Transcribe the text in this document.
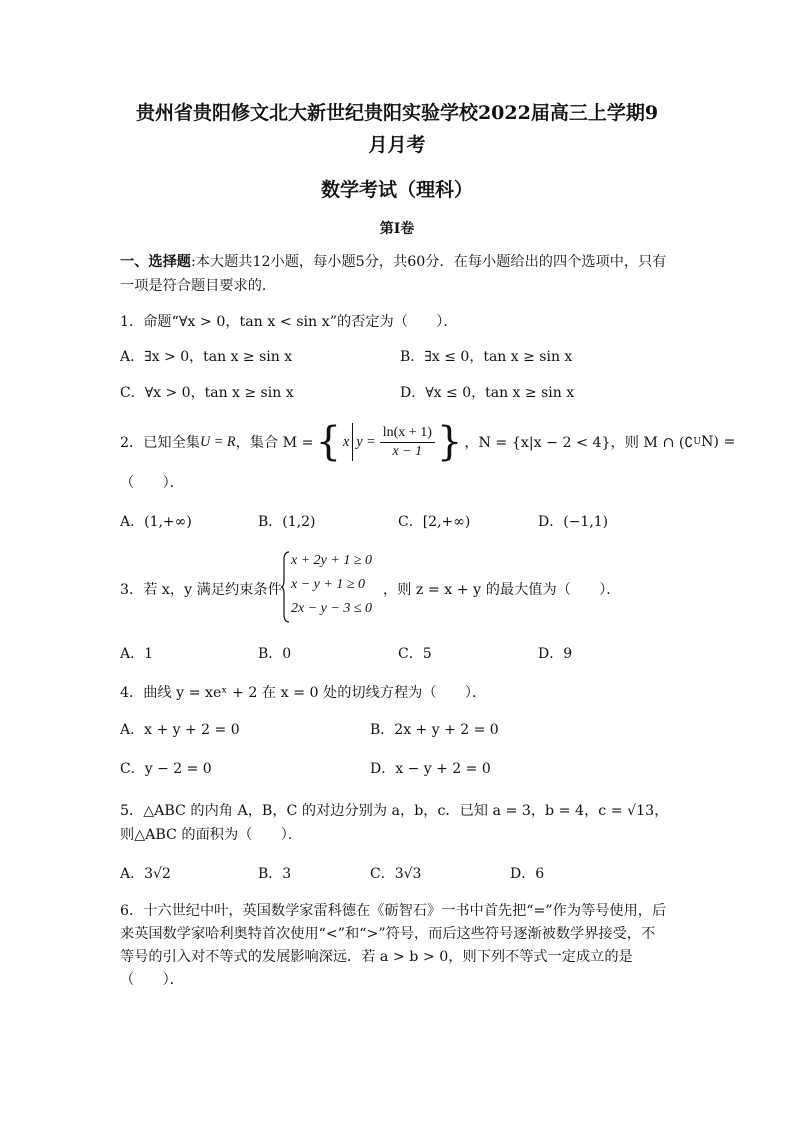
贵州省贵阳修文北大新世纪贵阳实验学校2022届高三上学期9
月月考
数学考试（理科）
第Ⅰ卷
一、选择题:本大题共12小题，每小题5分，共60分．在每小题给出的四个选项中，只有
一项是符合题目要求的．
1．命题“∀x > 0，tan x < sin x”的否定为（　　）．
A．∃x > 0，tan x ≥ sin x	B．∃x ≤ 0，tan x ≥ sin x
C．∀x > 0，tan x ≥ sin x	D．∀x ≤ 0，tan x ≥ sin x
2．已知全集 U = R ，集合 M = { x $y = \frac{\ln(x + 1)}{x - 1}$ } ，N = {x|x − 2 < 4} ，则 M ∩ (∁ U N) =
（　　）．
A．(1,+∞)	B．(1,2)	C．[2,+∞)	D．(−1,1)
3．若 x，y 满足约束条件
x + 2y + 1 ≥ 0
x − y + 1 ≥ 0
2x − y − 3 ≤ 0
，则 z = x + y 的最大值为（　　）．
A．1	B．0	C．5	D．9
4．曲线 y = xeˣ + 2 在 x = 0 处的切线方程为（　　）．
A．x + y + 2 = 0	B．2x + y + 2 = 0
C．y − 2 = 0	D．x − y + 2 = 0
5．△ABC 的内角 A，B，C 的对边分别为 a，b，c．已知 a = 3，b = 4，c = √13，
则△ABC 的面积为（　　）．
A．3√2	B．3	C．3√3	D．6
6．十六世纪中叶，英国数学家雷科德在《砺智石》一书中首先把“=”作为等号使用，后
来英国数学家哈利奥特首次使用“<”和“>”符号，而后这些符号逐渐被数学界接受，不
等号的引入对不等式的发展影响深远．若 a > b > 0，则下列不等式一定成立的是
（　　）．
